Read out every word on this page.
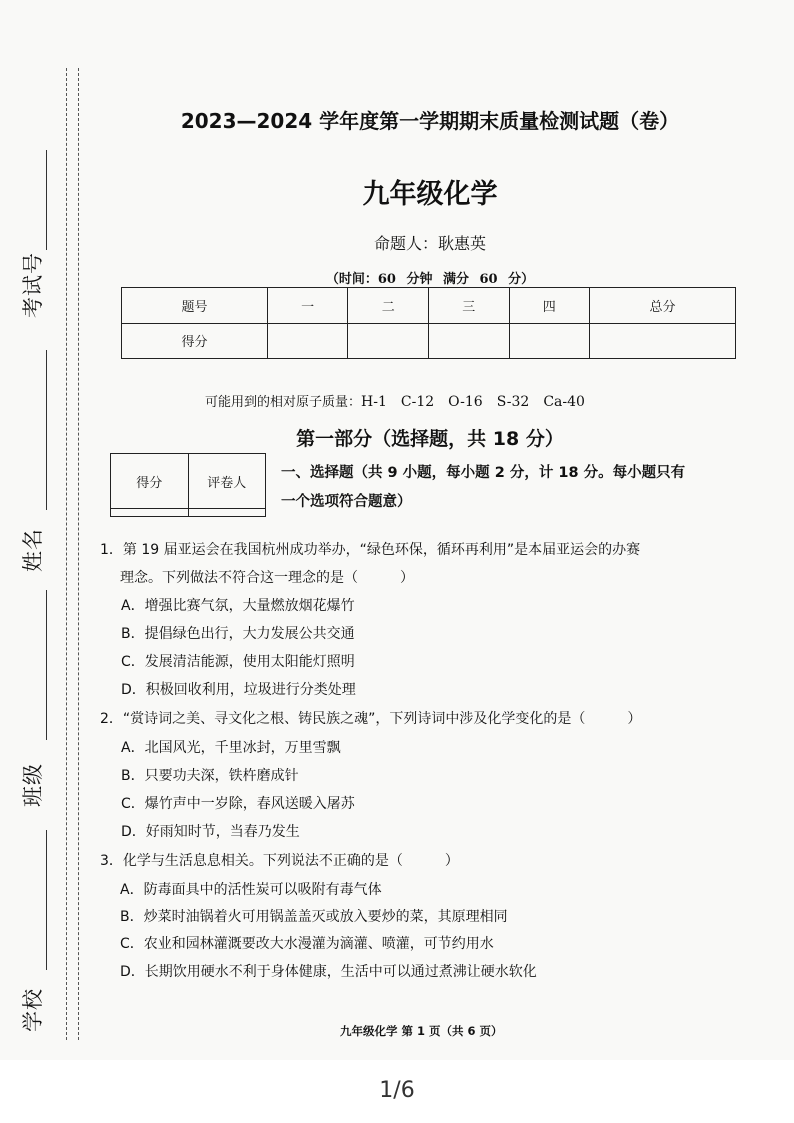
考试号
姓名
班级
学校
2023—2024 学年度第一学期期末质量检测试题（卷）
九年级化学
命题人：耿惠英
（时间：60 分钟 满分 60 分）
题号	一	二	三	四	总分
得分					
可能用到的相对原子质量：H-1 C-12 O-16 S-32 Ca-40
第一部分（选择题，共 18 分）
得分	评卷人

一、选择题（共 9 小题，每小题 2 分，计 18 分。每小题只有
一个选项符合题意）
1．第 19 届亚运会在我国杭州成功举办，“绿色环保，循环再利用”是本届亚运会的办赛
理念。下列做法不符合这一理念的是（	）
A．增强比赛气氛，大量燃放烟花爆竹
B．提倡绿色出行，大力发展公共交通
C．发展清洁能源，使用太阳能灯照明
D．积极回收利用，垃圾进行分类处理
2．“赏诗词之美、寻文化之根、铸民族之魂”，下列诗词中涉及化学变化的是（	）
A．北国风光，千里冰封，万里雪飘
B．只要功夫深，铁杵磨成针
C．爆竹声中一岁除，春风送暖入屠苏
D．好雨知时节，当春乃发生
3．化学与生活息息相关。下列说法不正确的是（	）
A．防毒面具中的活性炭可以吸附有毒气体
B．炒菜时油锅着火可用锅盖盖灭或放入要炒的菜，其原理相同
C．农业和园林灌溉要改大水漫灌为滴灌、喷灌，可节约用水
D．长期饮用硬水不利于身体健康，生活中可以通过煮沸让硬水软化
九年级化学 第 1 页（共 6 页）
1/6
